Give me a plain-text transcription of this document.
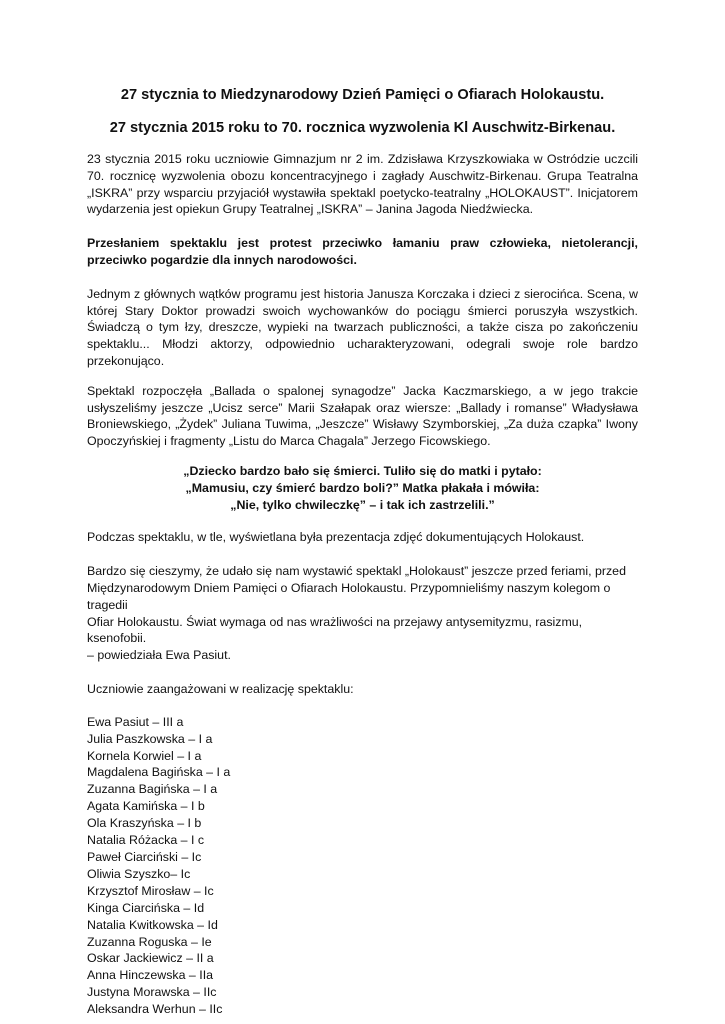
27 stycznia to Miedzynarodowy Dzień Pamięci o Ofiarach Holokaustu.
27 stycznia 2015 roku to 70. rocznica wyzwolenia Kl Auschwitz-Birkenau.

23 stycznia 2015 roku uczniowie Gimnazjum nr 2 im. Zdzisława Krzyszkowiaka w Ostródzie uczcili 70. rocznicę wyzwolenia obozu koncentracyjnego i zagłady Auschwitz-Birkenau. Grupa Teatralna „ISKRA” przy wsparciu przyjaciół wystawiła spektakl poetycko-teatralny „HOLOKAUST”. Inicjatorem wydarzenia jest opiekun Grupy Teatralnej „ISKRA” – Janina Jagoda Niedźwiecka.

Przesłaniem spektaklu jest protest przeciwko łamaniu praw człowieka, nietolerancji, przeciwko pogardzie dla innych narodowości.

Jednym z głównych wątków programu jest historia Janusza Korczaka i dzieci z sierocińca. Scena, w której Stary Doktor prowadzi swoich wychowanków do pociągu śmierci poruszyła wszystkich. Świadczą o tym łzy, dreszcze, wypieki na twarzach publiczności, a także cisza po zakończeniu spektaklu... Młodzi aktorzy, odpowiednio ucharakteryzowani, odegrali swoje role bardzo przekonująco.

Spektakl rozpoczęła „Ballada o spalonej synagodze” Jacka Kaczmarskiego, a w jego trakcie usłyszeliśmy jeszcze „Ucisz serce” Marii Szałapak oraz wiersze: „Ballady i romanse” Władysława Broniewskiego, „Żydek” Juliana Tuwima, „Jeszcze” Wisławy Szymborskiej, „Za duża czapka” Iwony Opoczyńskiej i fragmenty „Listu do Marca Chagala” Jerzego Ficowskiego.

„Dziecko bardzo bało się śmierci. Tuliło się do matki i pytało:
„Mamusiu, czy śmierć bardzo boli?” Matka płakała i mówiła:
„Nie, tylko chwileczkę” – i tak ich zastrzelili.”

Podczas spektaklu, w tle, wyświetlana była prezentacja zdjęć dokumentujących Holokaust.

Bardzo się cieszymy, że udało się nam wystawić spektakl „Holokaust” jeszcze przed feriami, przed
Międzynarodowym Dniem Pamięci o Ofiarach Holokaustu. Przypomnieliśmy naszym kolegom o tragedii
Ofiar Holokaustu. Świat wymaga od nas wrażliwości na przejawy antysemityzmu, rasizmu, ksenofobii.
– powiedziała Ewa Pasiut.

Uczniowie zaangażowani w realizację spektaklu:

Ewa Pasiut – III a
Julia Paszkowska – I a
Kornela Korwiel – I a
Magdalena Bagińska – I a
Zuzanna Bagińska – I a
Agata Kamińska – I b
Ola Kraszyńska – I b
Natalia Różacka – I c
Paweł Ciarciński – Ic
Oliwia Szyszko– Ic
Krzysztof Mirosław – Ic
Kinga Ciarcińska – Id
Natalia Kwitkowska – Id
Zuzanna Roguska – Ie
Oskar Jackiewicz – II a
Anna Hinczewska – IIa
Justyna Morawska – IIc
Aleksandra Werhun – IIc
